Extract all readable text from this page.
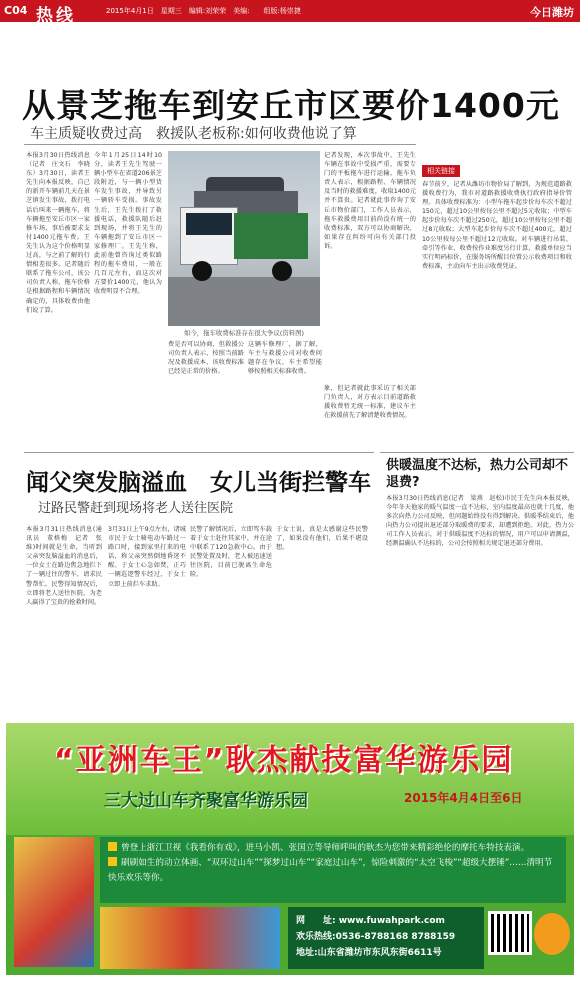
C04 热线	2015年4月1日　星期三　编辑:刘荣荣　美编:　　组版:杨崇捷	今日潍坊
从景芝拖车到安丘市区要价1400元
车主质疑收费过高　救援队老板称:如何收费他说了算
本报3月30日热线消息（记者　庄文石　李晓东）3月30日，读者王先生向本报反映，自己的新开车辆前几天在景芝镇发生事故，拨打电话后叫来一辆拖车，将车辆拖至安丘市区一家修车场，事后被要求支付1400元拖车费。王先生认为这个价格明显过高，与之前了解的行情相差很多。记者随后联系了拖车公司，该公司负责人称，拖车价格是根据路程和车辆情况确定的，具体收费由他们说了算。
今年1月25日14时10分，读者王先生驾驶一辆小型车在省道206景芝段附近，与一辆小型货车发生事故，并导致另一辆轿车受损。事故发生后，王先生拨打了救援电话，救援队随后赶到现场，并将王先生的车辆拖到了安丘市区一家修理厂。王先生称，此前他曾咨询过类似路程的拖车费用，一般在几百元左右，而这次对方要价1400元，他认为收费明显不合理。
如今，拖车收费标准存在很大争议(资料图)
记者发现，本次事故中，王先生车辆在事故中受损严重，需要专门的平板拖车进行运输。拖车负责人表示，根据路程、车辆情况及当时的救援难度，收取1400元并不算贵。记者就此事咨询了安丘市物价部门，工作人员表示，拖车救援费用目前尚没有统一的收费标准，双方可以协商解决，如果存在纠纷可向有关部门投诉。
费是否可以协商，但救援公司负责人表示，按照当前路况及救援成本，该收费标准已经是正常的价格。
这辆车修理厂，据了解，车主与救援公司对收费问题存在争议，车主希望能够按照相关标准收费。
象，但记者就此事采访了相关部门负责人，对方表示目前道路救援收费暂无统一标准，建议车主在救援前先了解清楚收费情况。
相关链接
春节前夕，记者从潍坊市物价局了解到，为规范道路救援收费行为，我市对道路救援收费执行政府指导价管理。具体收费标准为：小型车拖车起步价每车次不超过150元，超过10公里按每公里不超过5元收取；中型车起步价每车次不超过250元，超过10公里按每公里不超过8元收取；大型车起步价每车次不超过400元，超过10公里按每公里不超过12元收取。对车辆进行吊装、牵引等作业，收费按作业难度另行计算，救援单位应当实行明码标价，在服务场所醒目位置公示收费项目和收费标准，主动向车主出示收费凭证。
闻父突发脑溢血　女儿当街拦警车
过路民警赶到现场将老人送往医院
本报3月31日热线消息(通讯员　董格梅　记者　张维)时间就是生命，当听到父亲突发脑溢血的消息后，一位女士在路边焦急地拦下了一辆过往的警车，请求民警帮忙。民警得知情况后，立即将老人送往医院，为老人赢得了宝贵的抢救时间。
3月31日上午9点左右，诸城市民于女士骑电动车路过一路口时，接到家里打来的电话，称父亲突然倒地昏迷不醒。于女士心急如焚，正巧一辆巡逻警车经过，于女士立即上前拦车求助。
民警了解情况后，立即驾车载着于女士赶往其家中，并在途中联系了120急救中心。由于民警处置及时，老人被迅速送往医院，目前已脱离生命危险。
于女士说，真是太感谢这些民警了，如果没有他们，后果不堪设想。
供暖温度不达标，热力公司却不退费?
本报3月30日热线消息(记者　梁燕　赵松)市民王先生向本报反映，今年冬天他家的暖气温度一直不达标，室内温度最高也就十几度，他多次向热力公司反映，但问题始终没有得到解决。供暖季结束后，他向热力公司提出退还部分取暖费的要求，却遭到拒绝。对此，热力公司工作人员表示，对于供暖温度不达标的情况，用户可以申请测温，经测温确认不达标的，公司会按照相关规定退还部分费用。
“亚洲车王”耿杰献技富华游乐园
三大过山车齐聚富华游乐园	2015年4月4日至6日
曾登上浙江卫视《我看你有戏》，进马小凯、张国立等导师呼叫的耿杰为您带来精彩绝伦的摩托车特技表演。
刷刷如生的动立体画、“双环过山车”“探梦过山车”“家庭过山车”，惊险刺激的“太空飞梭”“超级大摆锤”……清明节快乐欢乐等你。
网　　址: www.fuwahpark.com
欢乐热线:0536-8788168 8788159
地址:山东省潍坊市东风东街6611号
